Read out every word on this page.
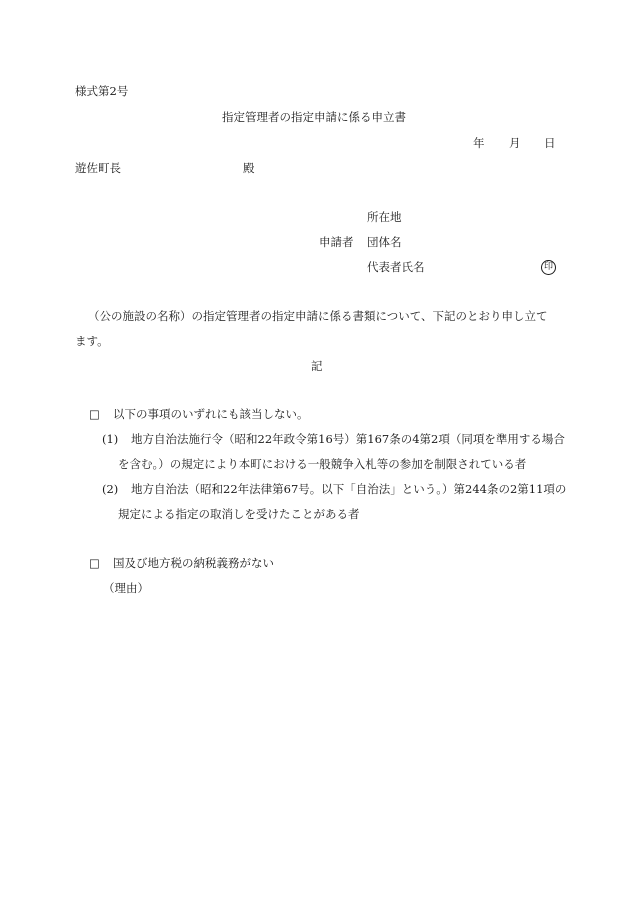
様式第2号
指定管理者の指定申請に係る申立書
年 月 日
遊佐町長	殿
所在地
申請者 団体名
代表者氏名	印
（公の施設の名称）の指定管理者の指定申請に係る書類について、下記のとおり申し立て
ます。
記
□ 以下の事項のいずれにも該当しない。
(1) 地方自治法施行令（昭和22年政令第16号）第167条の4第2項（同項を準用する場合
を含む。）の規定により本町における一般競争入札等の参加を制限されている者
(2) 地方自治法（昭和22年法律第67号。以下「自治法」という。）第244条の2第11項の
規定による指定の取消しを受けたことがある者
□ 国及び地方税の納税義務がない
（理由）
